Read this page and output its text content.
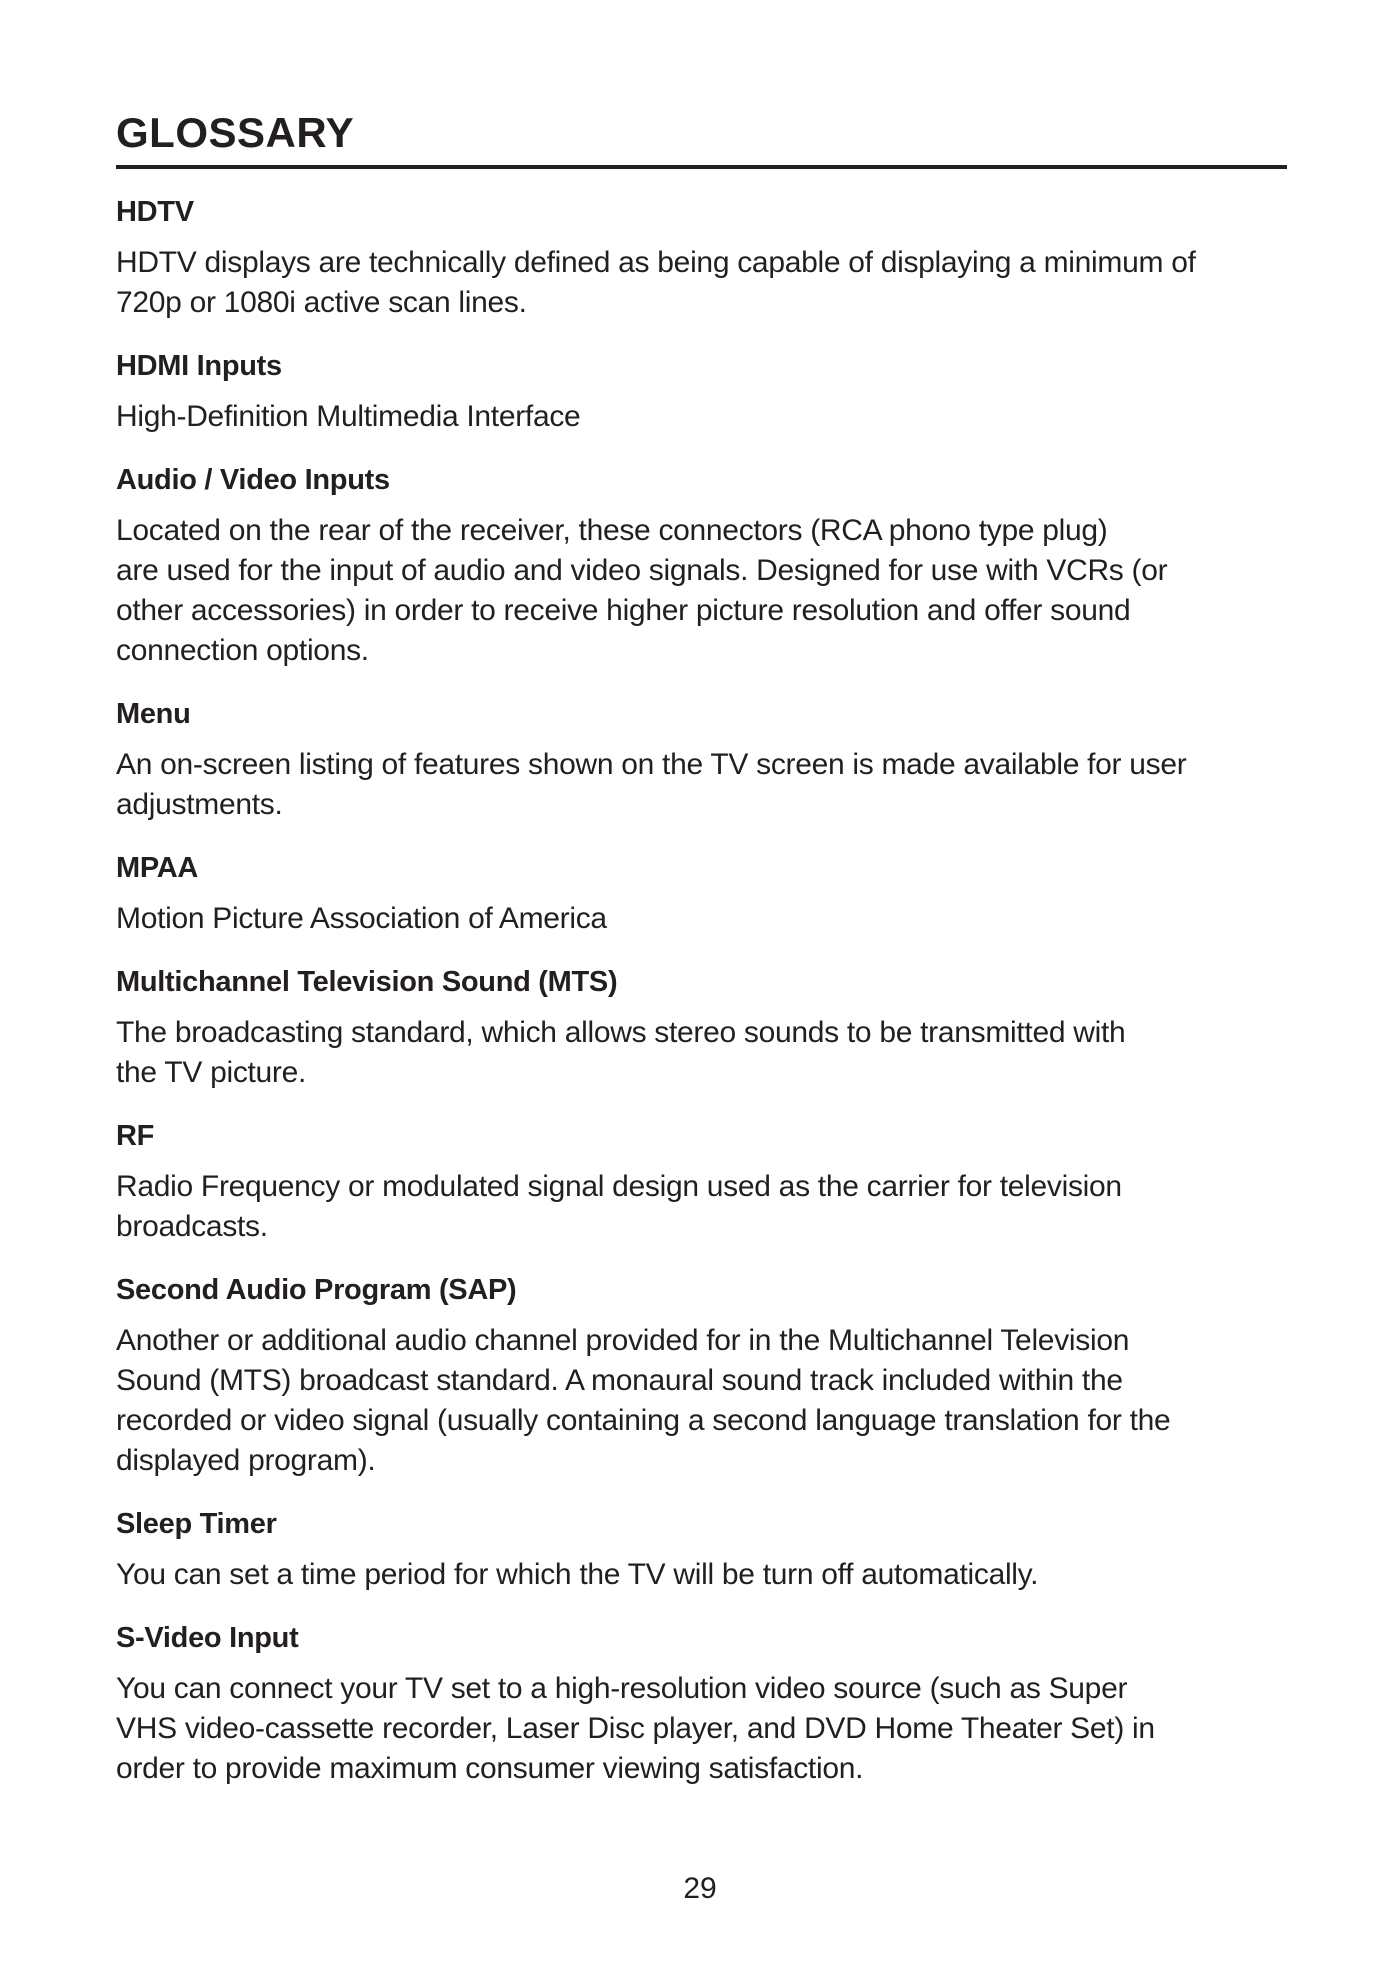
GLOSSARY
HDTV
HDTV displays are technically defined as being capable of displaying a minimum of
720p or 1080i active scan lines.
HDMI Inputs
High-Definition Multimedia Interface
Audio / Video Inputs
Located on the rear of the receiver, these connectors (RCA phono type plug)
are used for the input of audio and video signals. Designed for use with VCRs (or
other accessories) in order to receive higher picture resolution and offer sound
connection options.
Menu
An on-screen listing of features shown on the TV screen is made available for user
adjustments.
MPAA
Motion Picture Association of America
Multichannel Television Sound (MTS)
The broadcasting standard, which allows stereo sounds to be transmitted with
the TV picture.
RF
Radio Frequency or modulated signal design used as the carrier for television
broadcasts.
Second Audio Program (SAP)
Another or additional audio channel provided for in the Multichannel Television
Sound (MTS) broadcast standard. A monaural sound track included within the
recorded or video signal (usually containing a second language translation for the
displayed program).
Sleep Timer
You can set a time period for which the TV will be turn off automatically.
S-Video Input
You can connect your TV set to a high-resolution video source (such as Super
VHS video-cassette recorder, Laser Disc player, and DVD Home Theater Set) in
order to provide maximum consumer viewing satisfaction.
29
